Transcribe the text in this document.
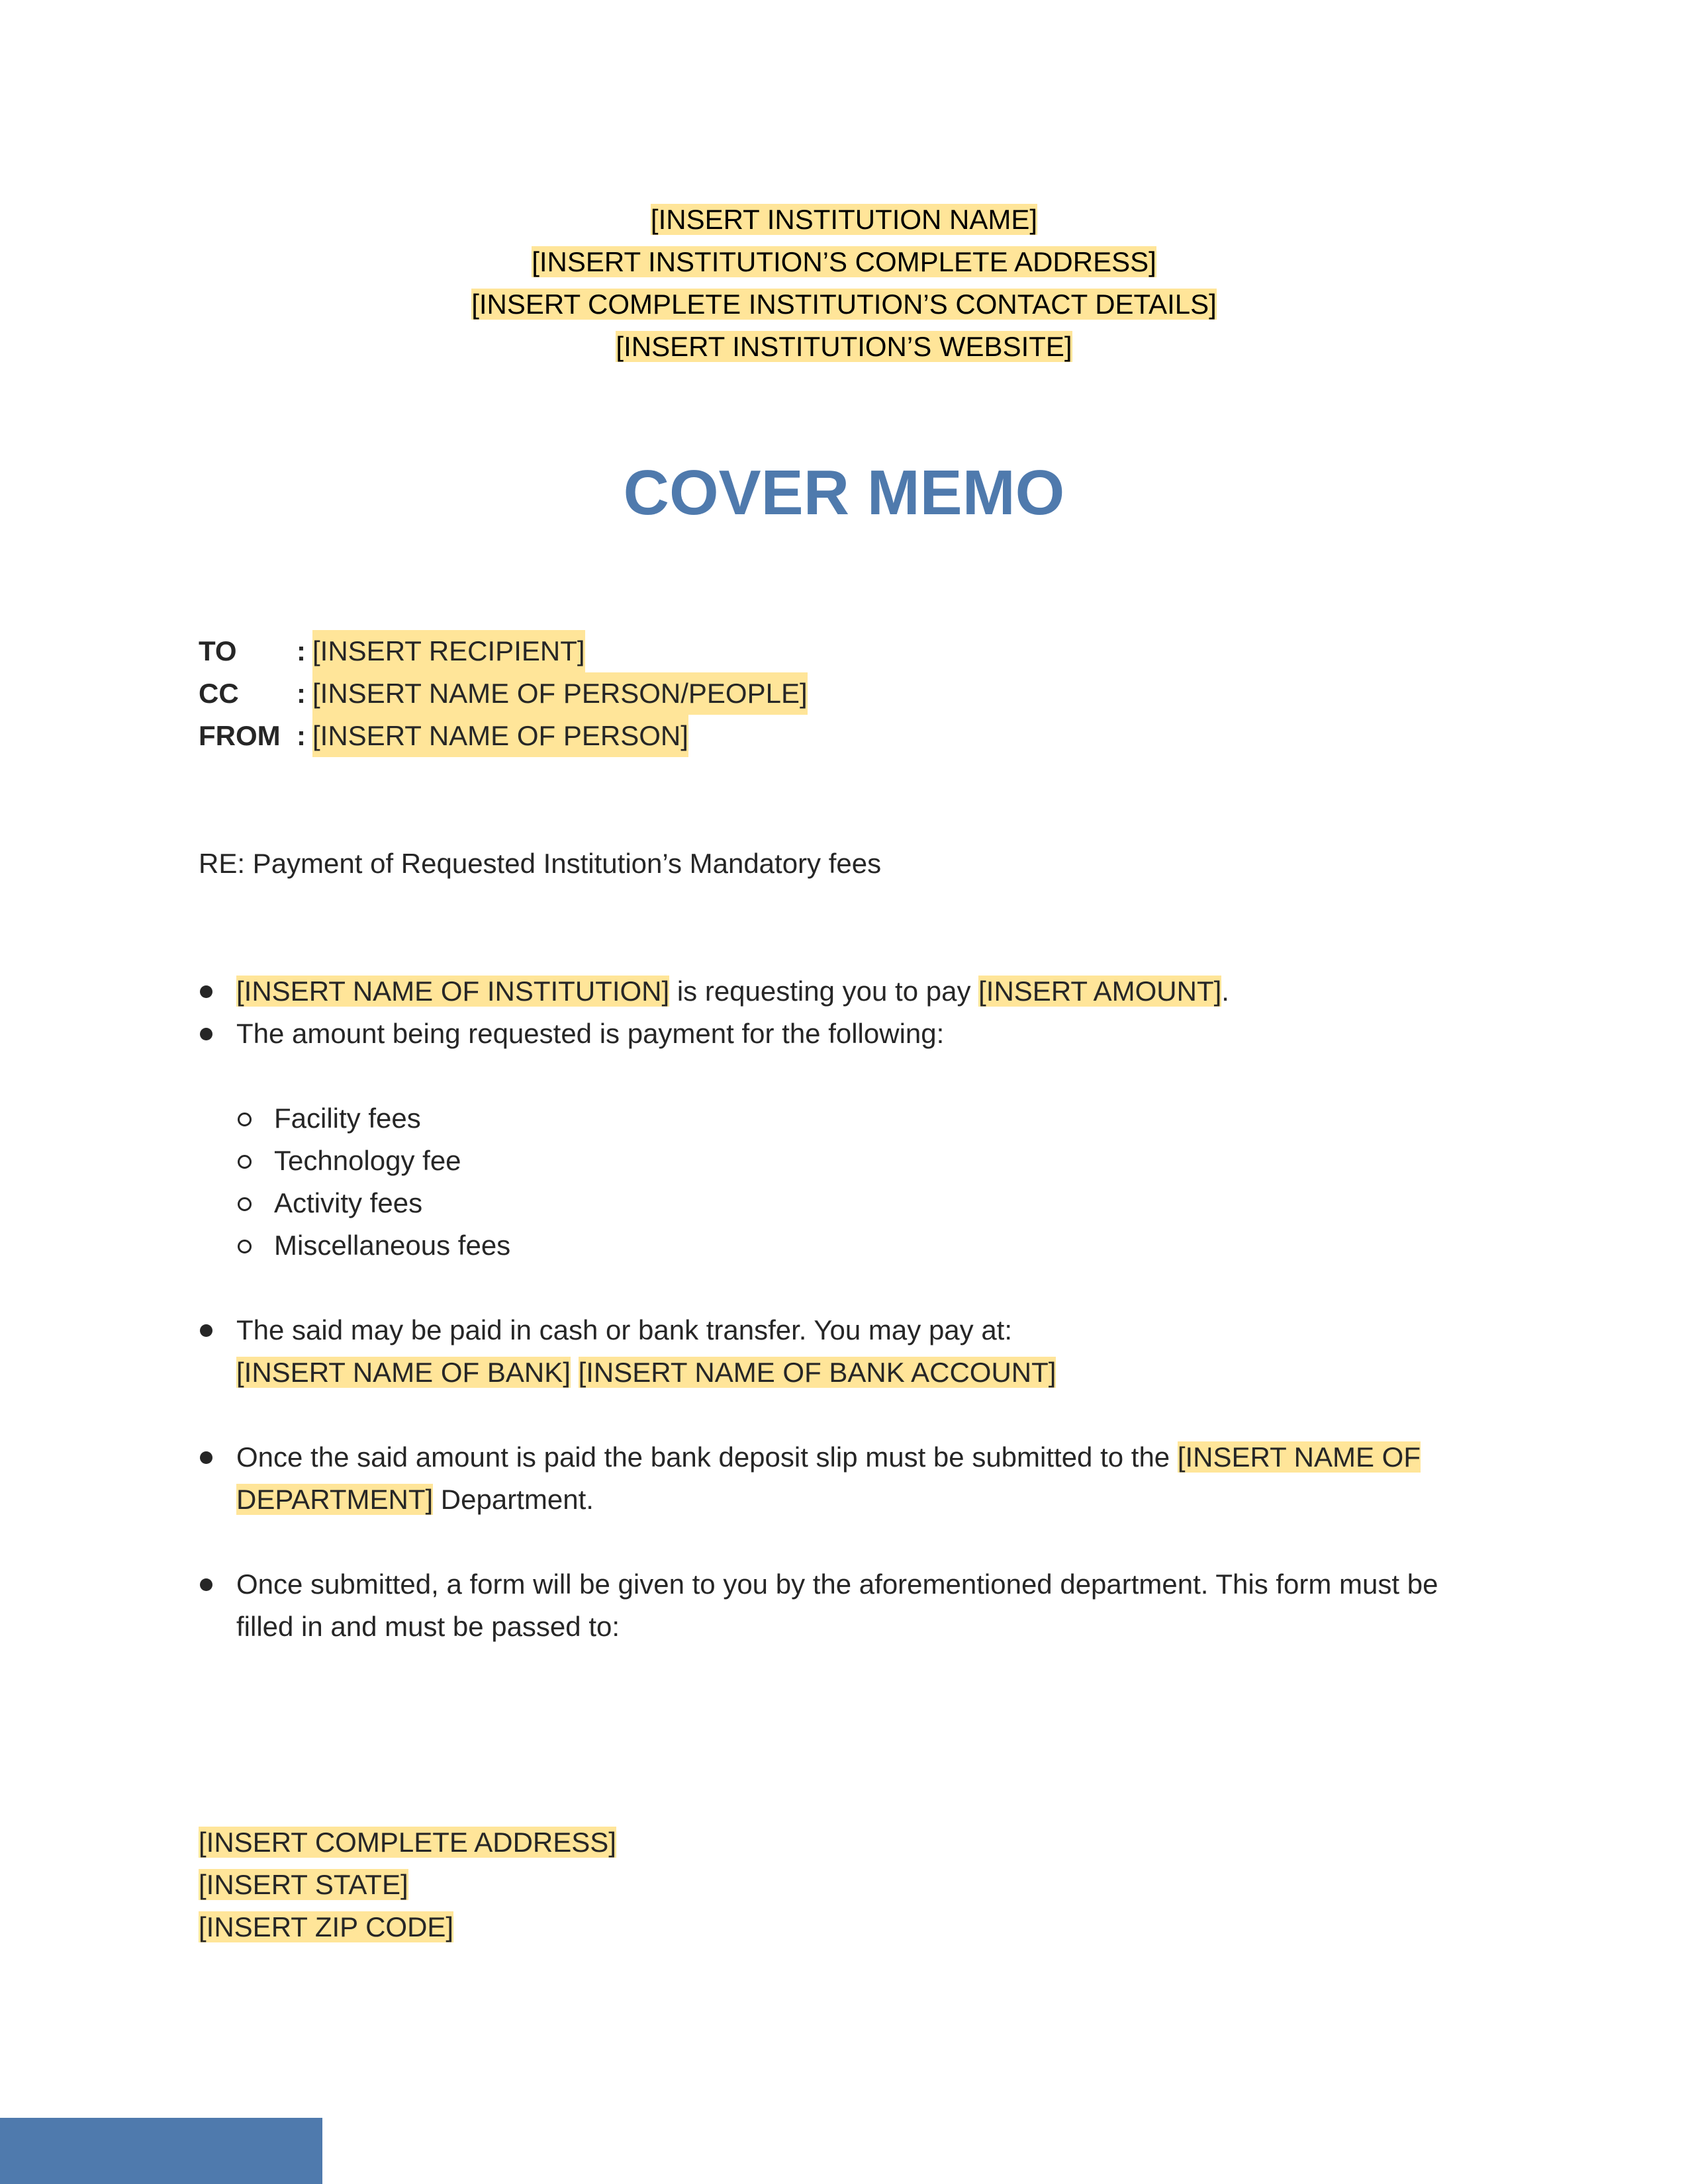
[INSERT INSTITUTION NAME]
[INSERT INSTITUTION’S COMPLETE ADDRESS]
[INSERT COMPLETE INSTITUTION’S CONTACT DETAILS]
[INSERT INSTITUTION’S WEBSITE]
COVER MEMO
TO	: [INSERT RECIPIENT]
CC	: [INSERT NAME OF PERSON/PEOPLE]
FROM : [INSERT NAME OF PERSON]
RE: Payment of Requested Institution’s Mandatory fees
[INSERT NAME OF INSTITUTION] is requesting you to pay [INSERT AMOUNT].
The amount being requested is payment for the following:
Facility fees
Technology fee
Activity fees
Miscellaneous fees
The said may be paid in cash or bank transfer. You may pay at:
[INSERT NAME OF BANK] [INSERT NAME OF BANK ACCOUNT]
Once the said amount is paid the bank deposit slip must be submitted to the [INSERT NAME OF DEPARTMENT] Department.
Once submitted, a form will be given to you by the aforementioned department. This form must be filled in and must be passed to:
[INSERT COMPLETE ADDRESS]
[INSERT STATE]
[INSERT ZIP CODE]
